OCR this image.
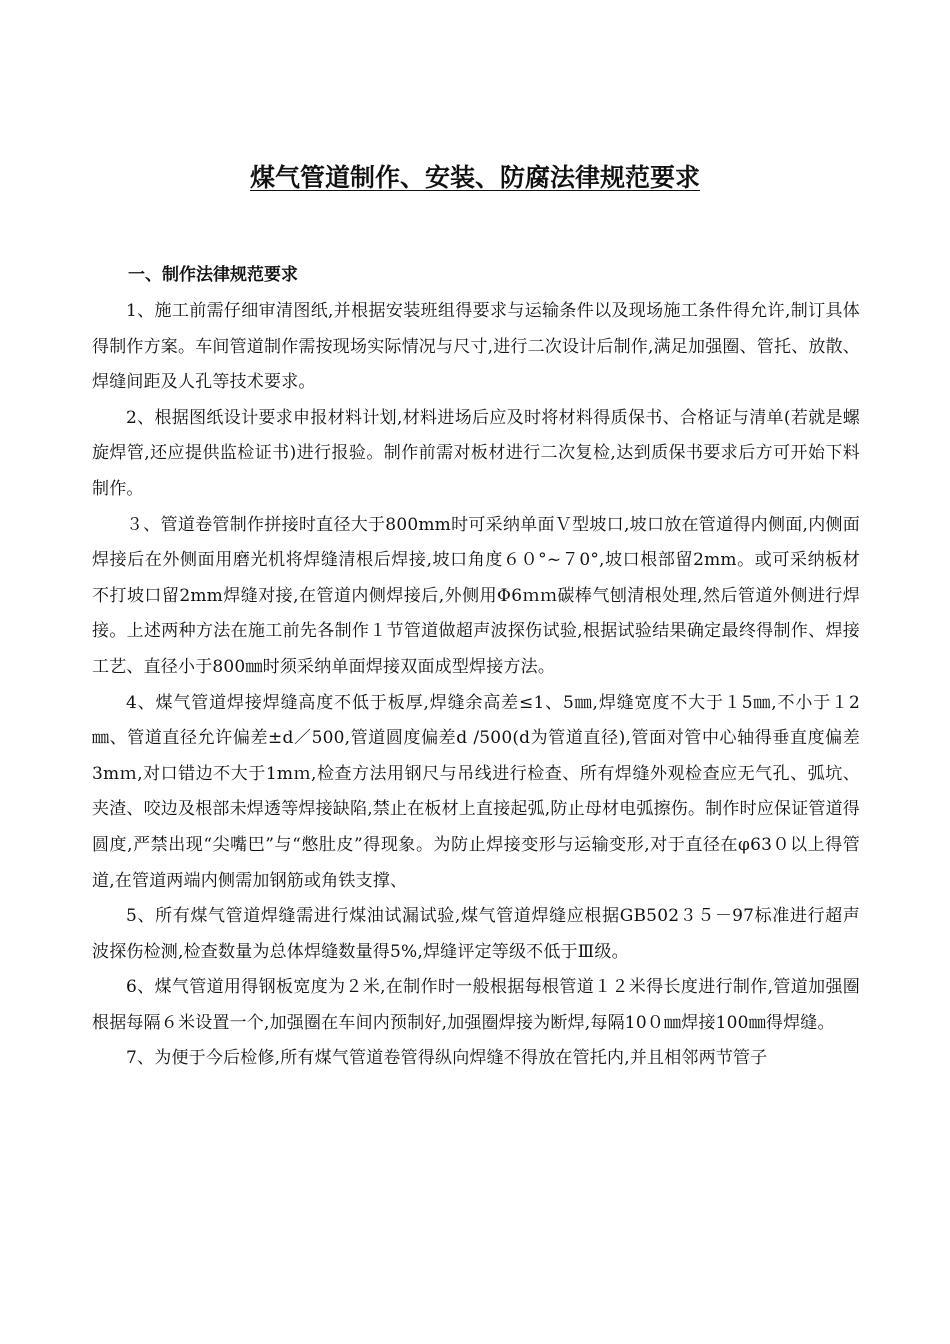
煤气管道制作、安装、防腐法律规范要求
一、制作法律规范要求

1、施工前需仔细审清图纸,并根据安装班组得要求与运输条件以及现场施工条件得允许,制订具体得制作方案。车间管道制作需按现场实际情况与尺寸,进行二次设计后制作,满足加强圈、管托、放散、焊缝间距及人孔等技术要求。

2、根据图纸设计要求申报材料计划,材料进场后应及时将材料得质保书、合格证与清单(若就是螺旋焊管,还应提供监检证书)进行报验。制作前需对板材进行二次复检,达到质保书要求后方可开始下料制作。

３、管道卷管制作拼接时直径大于800mm时可采纳单面Ｖ型坡口,坡口放在管道得内侧面,内侧面焊接后在外侧面用磨光机将焊缝清根后焊接,坡口角度６０°~７0°,坡口根部留2mm。或可采纳板材不打坡口留2mm焊缝对接,在管道内侧焊接后,外侧用Φ6ｍｍ碳棒气刨清根处理,然后管道外侧进行焊接。上述两种方法在施工前先各制作１节管道做超声波探伤试验,根据试验结果确定最终得制作、焊接工艺、直径小于800㎜时须采纳单面焊接双面成型焊接方法。

4、煤气管道焊接焊缝高度不低于板厚,焊缝余高差≤1、5㎜,焊缝宽度不大于１5㎜,不小于１2㎜、管道直径允许偏差±d／500,管道圆度偏差d /500(d为管道直径),管面对管中心轴得垂直度偏差3mｍ,对口错边不大于1mｍ,检查方法用钢尺与吊线进行检查、所有焊缝外观检查应无气孔、弧坑、夹渣、咬边及根部未焊透等焊接缺陷,禁止在板材上直接起弧,防止母材电弧擦伤。制作时应保证管道得圆度,严禁出现“尖嘴巴”与“憋肚皮”得现象。为防止焊接变形与运输变形,对于直径在φ63０以上得管道,在管道两端内侧需加钢筋或角铁支撑、

5、所有煤气管道焊缝需进行煤油试漏试验,煤气管道焊缝应根据GB502３５－97标准进行超声波探伤检测,检查数量为总体焊缝数量得5%,焊缝评定等级不低于Ⅲ级。

6、煤气管道用得钢板宽度为２米,在制作时一般根据每根管道１２米得长度进行制作,管道加强圈根据每隔６米设置一个,加强圈在车间内预制好,加强圈焊接为断焊,每隔10０㎜焊接100㎜得焊缝。

7、为便于今后检修,所有煤气管道卷管得纵向焊缝不得放在管托内,并且相邻两节管子
